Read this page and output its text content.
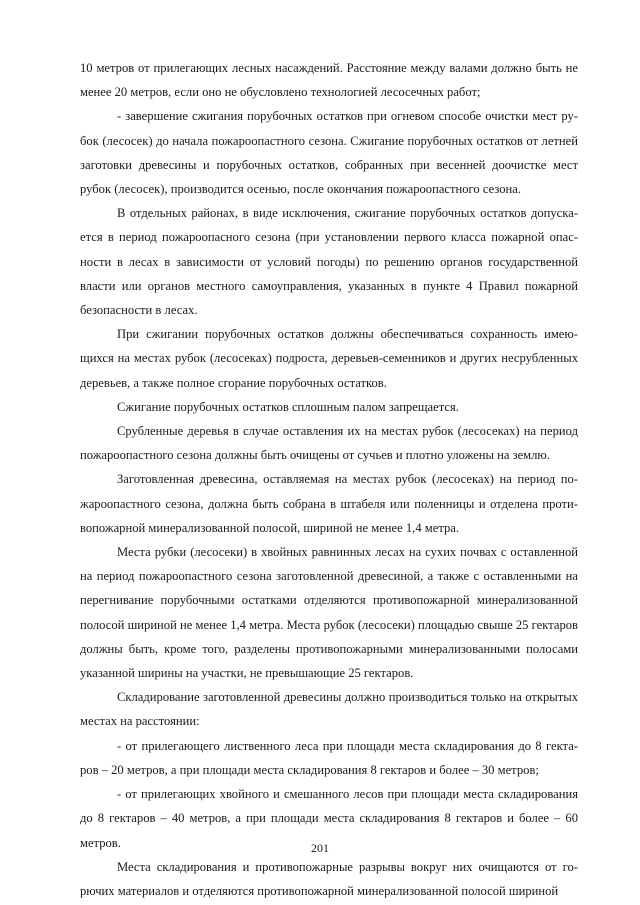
10 метров от прилегающих лесных насаждений. Расстояние между валами должно быть не менее 20 метров, если оно не обусловлено технологией лесосечных работ;

- завершение сжигания порубочных остатков при огневом способе очистки мест рубок (лесосек) до начала пожароопастного сезона. Сжигание порубочных остатков от летней заготовки древесины и порубочных остатков, собранных при весенней доочистке мест рубок (лесосек), производится осенью, после окончания пожароопастного сезона.

В отдельных районах, в виде исключения, сжигание порубочных остатков допускается в период пожароопасного сезона (при установлении первого класса пожарной опасности в лесах в зависимости от условий погоды) по решению органов государственной власти или органов местного самоуправления, указанных в пункте 4 Правил пожарной безопасности в лесах.

При сжигании порубочных остатков должны обеспечиваться сохранность имеющихся на местах рубок (лесосеках) подроста, деревьев-семенников и других несрубленных деревьев, а также полное сгорание порубочных остатков.

Сжигание порубочных остатков сплошным палом запрещается.

Срубленные деревья в случае оставления их на местах рубок (лесосеках) на период пожароопастного сезона должны быть очищены от сучьев и плотно уложены на землю.

Заготовленная древесина, оставляемая на местах рубок (лесосеках) на период пожароопастного сезона, должна быть собрана в штабеля или поленницы и отделена противопожарной минерализованной полосой, шириной не менее 1,4 метра.

Места рубки (лесосеки) в хвойных равнинных лесах на сухих почвах с оставленной на период пожароопастного сезона заготовленной древесиной, а также с оставленными на перегнивание порубочными остатками отделяются противопожарной минерализованной полосой шириной не менее 1,4 метра. Места рубок (лесосеки) площадью свыше 25 гектаров должны быть, кроме того, разделены противопожарными минерализованными полосами указанной ширины на участки, не превышающие 25 гектаров.

Складирование заготовленной древесины должно производиться только на открытых местах на расстоянии:

- от прилегающего лиственного леса при площади места складирования до 8 гектаров – 20 метров, а при площади места складирования 8 гектаров и более – 30 метров;

- от прилегающих хвойного и смешанного лесов при площади места складирования до 8 гектаров – 40 метров, а при площади места складирования 8 гектаров и более – 60 метров.

Места складирования и противопожарные разрывы вокруг них очищаются от горючих материалов и отделяются противопожарной минерализованной полосой шириной

201
